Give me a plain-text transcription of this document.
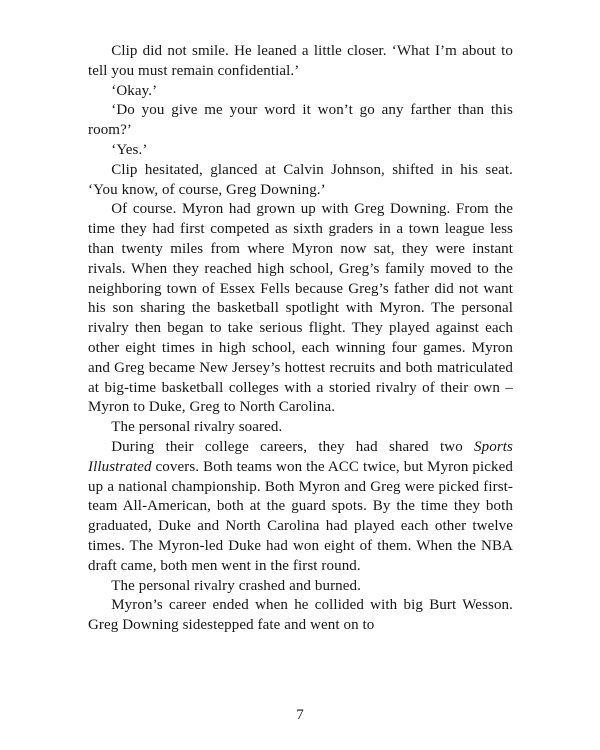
Clip did not smile. He leaned a little closer. ‘What I’m about to tell you must remain confidential.’

‘Okay.’

‘Do you give me your word it won’t go any farther than this room?’

‘Yes.’

Clip hesitated, glanced at Calvin Johnson, shifted in his seat. ‘You know, of course, Greg Downing.’

Of course. Myron had grown up with Greg Downing. From the time they had first competed as sixth graders in a town league less than twenty miles from where Myron now sat, they were instant rivals. When they reached high school, Greg’s family moved to the neighboring town of Essex Fells because Greg’s father did not want his son sharing the basketball spotlight with Myron. The personal rivalry then began to take serious flight. They played against each other eight times in high school, each winning four games. Myron and Greg became New Jersey’s hottest recruits and both matriculated at big-time basketball colleges with a storied rivalry of their own – Myron to Duke, Greg to North Carolina.

The personal rivalry soared.

During their college careers, they had shared two Sports Illustrated covers. Both teams won the ACC twice, but Myron picked up a national championship. Both Myron and Greg were picked first-team All-American, both at the guard spots. By the time they both graduated, Duke and North Carolina had played each other twelve times. The Myron-led Duke had won eight of them. When the NBA draft came, both men went in the first round.

The personal rivalry crashed and burned.

Myron’s career ended when he collided with big Burt Wesson. Greg Downing sidestepped fate and went on to

7
